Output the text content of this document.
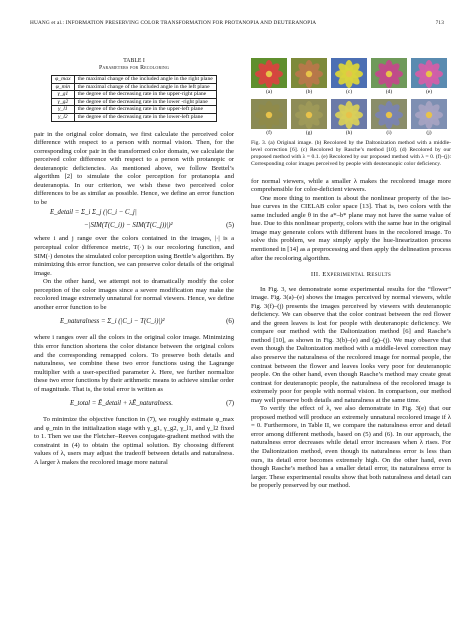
HUANG et al.: INFORMATION PRESERVING COLOR TRANSFORMATION FOR PROTANOPIA AND DEUTERANOPIA	713
TABLE I
Parameters for Recoloring
φ_max	the maximal change of the included angle in the right plane
φ_min	the maximal change of the included angle in the left plane
γ_g1	the degree of the decreasing rate in the upper-right plane
γ_g2	the degree of the decreasing rate in the lower -right plane
γ_l1	the degree of the decreasing rate in the upper-left plane
γ_l2	the degree of the decreasing rate in the lower-left plane

pair in the original color domain, we first calculate the perceived color difference with respect to a person with normal vision. Then, for the corresponding color pair in the transformed color domain, we calculate the perceived color difference with respect to a person with protanopic or deuteranopic deficiencies. As mentioned above, we follow Brettel’s algorithm [2] to simulate the color perception for protanopia and deuteranopia. In our criterion, we wish these two perceived color differences to be as similar as possible. Hence, we define an error function to be

E_detail = Σ_i Σ_j (|C_i − C_j|
−|SIM(T(C_i)) − SIM(T(C_j))|)²	(5)

where i and j range over the colors contained in the images, |·| is a perceptual color difference metric, T(·) is our recoloring function, and SIM(·) denotes the simulated color perception using Brettle’s algorithm. By minimizing this error function, we can preserve color details of the original image.

On the other hand, we attempt not to dramatically modify the color perception of the color images since a severe modification may make the recolored image extremely unnatural for normal viewers. Hence, we define another error function to be

E_naturalness = Σ_i (|C_i − T(C_i)|)²	(6)

where i ranges over all the colors in the original color image. Minimizing this error function shortens the color distance between the original colors and the corresponding remapped colors. To preserve both details and naturalness, we combine these two error functions using the Lagrange multiplier with a user-specified parameter λ. Here, we further normalize these two error functions by their arithmetic means to achieve similar order of magnitude. That is, the total error is written as

E_total = Ē_detail + λĒ_naturalness.	(7)

To minimize the objective function in (7), we roughly estimate φ_max and φ_min in the initialization stage with γ_g1, γ_g2, γ_l1, and γ_l2 fixed to 1. Then we use the Fletcher–Reeves conjugate-gradient method with the constraint in (4) to obtain the optimal solution. By choosing different values of λ, users may adjust the tradeoff between details and naturalness. A larger λ makes the recolored image more natural

(a)	(b)	(c)	(d)	(e)
(f)	(g)	(h)	(i)	(j)
Fig. 3. (a) Original image. (b) Recolored by the Daltonization method with a middle-level correction [6]. (c) Recolored by Rasche’s method [10]. (d) Recolored by our proposed method with λ = 0.1. (e) Recolored by our proposed method with λ = 0. (f)–(j): Corresponding color images perceived by people with deuteranopic color deficiency.

for normal viewers, while a smaller λ makes the recolored image more comprehensible for color-deficient viewers.

One more thing to mention is about the nonlinear property of the iso-hue curves in the CIELAB color space [13]. That is, two colors with the same included angle θ in the a*–b* plane may not have the same value of hue. Due to this nonlinear property, colors with the same hue in the original image may generate colors with different hues in the recolored image. To solve this problem, we may simply apply the hue-linearization process mentioned in [14] as a preprocessing and then apply the delineation process after the recoloring algorithm.

III. Experimental Results

In Fig. 3, we demonstrate some experimental results for the “flower” image. Fig. 3(a)–(e) shows the images perceived by normal viewers, while Fig. 3(f)–(j) presents the images perceived by viewers with deuteranopic deficiency. We can observe that the color contrast between the red flower and the green leaves is lost for people with deuteranopic deficiency. We compare our method with the Daltonization method [6] and Rasche’s method [10], as shown in Fig. 3(b)–(e) and (g)–(j). We may observe that even though the Daltonization method with a middle-level correction may also preserve the naturalness of the recolored image for normal people, the contrast between the flower and leaves looks very poor for deuteranopic people. On the other hand, even though Rasche’s method may create great contrast for deuteranopic people, the naturalness of the recolored image is extremely poor for people with normal vision. In comparison, our method may well preserve both details and naturalness at the same time.

To verify the effect of λ, we also demonstrate in Fig. 3(e) that our proposed method will produce an extremely unnatural recolored image if λ = 0. Furthermore, in Table II, we compare the naturalness error and detail error among different methods, based on (5) and (6). In our approach, the naturalness error decreases while detail error increases when λ rises. For the Daltonization method, even though its naturalness error is less than ours, its detail error becomes extremely high. On the other hand, even though Rasche’s method has a smaller detail error, its naturalness error is larger. These experimental results show that both naturalness and detail can be properly preserved by our method.
